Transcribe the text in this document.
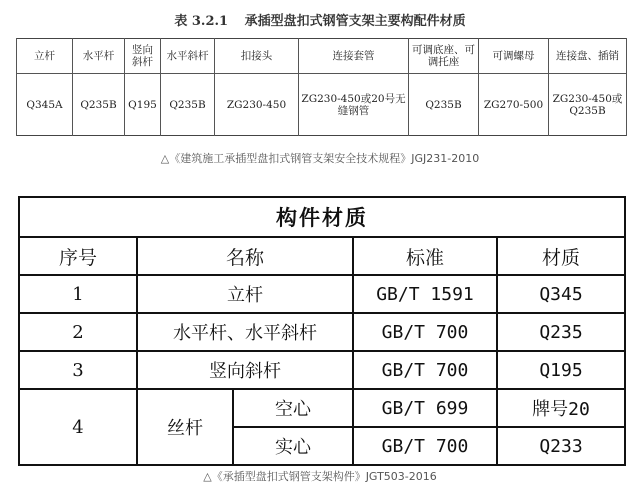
表 3.2.1 承插型盘扣式钢管支架主要构配件材质
立杆	水平杆	竖向斜杆	水平斜杆	扣接头	连接套管	可调底座、可调托座	可调螺母	连接盘、插销
Q345A	Q235B	Q195	Q235B	ZG230-450	ZG230-450或20号无缝钢管	Q235B	ZG270-500	ZG230-450或Q235B
△《建筑施工承插型盘扣式钢管支架安全技术规程》JGJ231-2010
构件材质				
序号	名称		标准	材质
1	立杆		GB/T 1591	Q345
2	水平杆、水平斜杆		GB/T 700	Q235
3	竖向斜杆		GB/T 700	Q195
4	丝杆	空心	GB/T 699	牌号20
		实心	GB/T 700	Q233
△《承插型盘扣式钢管支架构件》JGT503-2016
